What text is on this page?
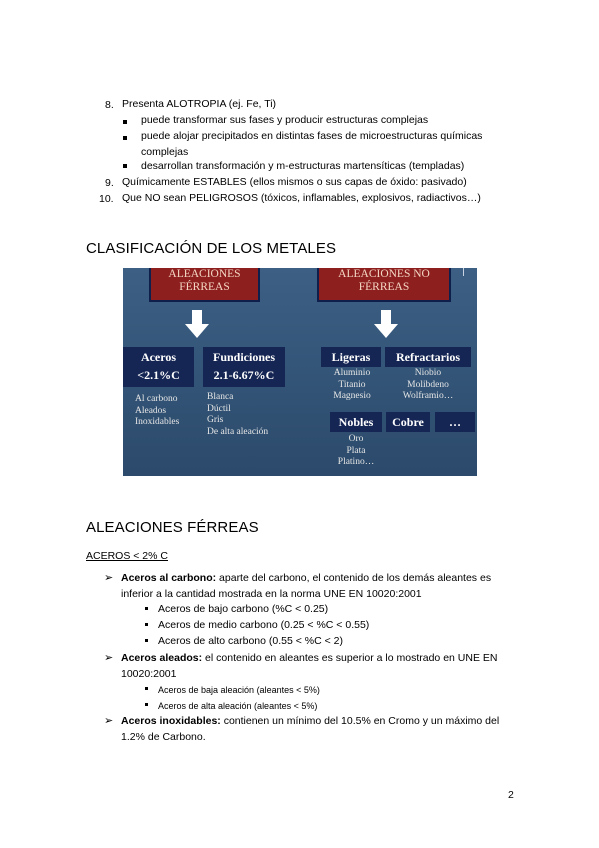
8. Presenta ALOTROPIA (ej. Fe, Ti)
puede transformar sus fases y producir estructuras complejas
puede alojar precipitados en distintas fases de microestructuras químicas
complejas
desarrollan transformación y m-estructuras martensíticas (templadas)
9. Químicamente ESTABLES (ellos mismos o sus capas de óxido: pasivado)
10. Que NO sean PELIGROSOS (tóxicos, inflamables, explosivos, radiactivos…)
CLASIFICACIÓN DE LOS METALES
ALEACIONES
FÉRREAS
ALEACIONES NO
FÉRREAS
Aceros
<2.1%C
Al carbono
Aleados
Inoxidables
Fundiciones
2.1-6.67%C
Blanca
Dúctil
Gris
De alta aleación
Ligeras
Aluminio
Titanio
Magnesio
Refractarios
Niobio
Molibdeno
Wolframio…
Nobles
Oro
Plata
Platino…
Cobre	…
ALEACIONES FÉRREAS
ACEROS < 2% C
➢ Aceros al carbono: aparte del carbono, el contenido de los demás aleantes es
inferior a la cantidad mostrada en la norma UNE EN 10020:2001
Aceros de bajo carbono (%C < 0.25)
Aceros de medio carbono (0.25 < %C < 0.55)
Aceros de alto carbono (0.55 < %C < 2)
➢ Aceros aleados: el contenido en aleantes es superior a lo mostrado en UNE EN
10020:2001
Aceros de baja aleación (aleantes < 5%)
Aceros de alta aleación (aleantes < 5%)
➢ Aceros inoxidables: contienen un mínimo del 10.5% en Cromo y un máximo del
1.2% de Carbono.
2
